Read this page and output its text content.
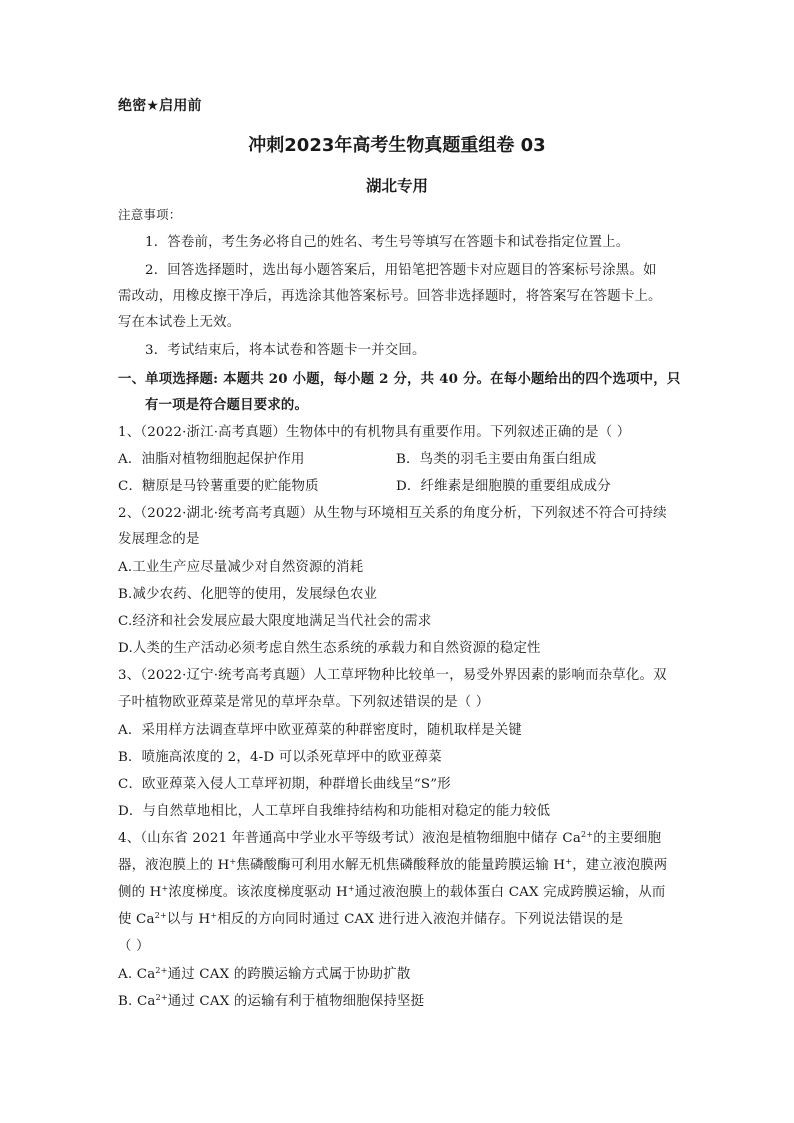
绝密★启用前
冲刺2023年高考生物真题重组卷 03
湖北专用
注意事项：
1．答卷前，考生务必将自己的姓名、考生号等填写在答题卡和试卷指定位置上。
2．回答选择题时，选出每小题答案后，用铅笔把答题卡对应题目的答案标号涂黑。如
需改动，用橡皮擦干净后，再选涂其他答案标号。回答非选择题时，将答案写在答题卡上。
写在本试卷上无效。
3．考试结束后，将本试卷和答题卡一并交回。
一、单项选择题: 本题共 20 小题，每小题 2 分，共 40 分。在每小题给出的四个选项中，只
有一项是符合题目要求的。
1、（2022·浙江·高考真题）生物体中的有机物具有重要作用。下列叙述正确的是（ ）
A．油脂对植物细胞起保护作用	B．鸟类的羽毛主要由角蛋白组成
C．糖原是马铃薯重要的贮能物质	D．纤维素是细胞膜的重要组成成分
2、（2022·湖北·统考高考真题）从生物与环境相互关系的角度分析，下列叙述不符合可持续
发展理念的是
A.工业生产应尽量减少对自然资源的消耗
B.减少农药、化肥等的使用，发展绿色农业
C.经济和社会发展应最大限度地满足当代社会的需求
D.人类的生产活动必须考虑自然生态系统的承载力和自然资源的稳定性
3、（2022·辽宁·统考高考真题）人工草坪物种比较单一，易受外界因素的影响而杂草化。双
子叶植物欧亚蔊菜是常见的草坪杂草。下列叙述错误的是（ ）
A．采用样方法调查草坪中欧亚蔊菜的种群密度时，随机取样是关键
B．喷施高浓度的 2，4-D 可以杀死草坪中的欧亚蔊菜
C．欧亚蔊菜入侵人工草坪初期，种群增长曲线呈“S”形
D．与自然草地相比，人工草坪自我维持结构和功能相对稳定的能力较低
4、（山东省 2021 年普通高中学业水平等级考试）液泡是植物细胞中储存 $Ca^{2+}$的主要细胞
器，液泡膜上的 H+焦磷酸酶可利用水解无机焦磷酸释放的能量跨膜运输 H+，建立液泡膜两
侧的 H+浓度梯度。该浓度梯度驱动 H+通过液泡膜上的载体蛋白 CAX 完成跨膜运输，从而
使 $Ca^{2+}$以与 H+相反的方向同时通过 CAX 进行进入液泡并储存。下列说法错误的是
（ ）
A. $Ca^{2+}$通过 CAX 的跨膜运输方式属于协助扩散
B. $Ca^{2+}$通过 CAX 的运输有利于植物细胞保持坚挺
